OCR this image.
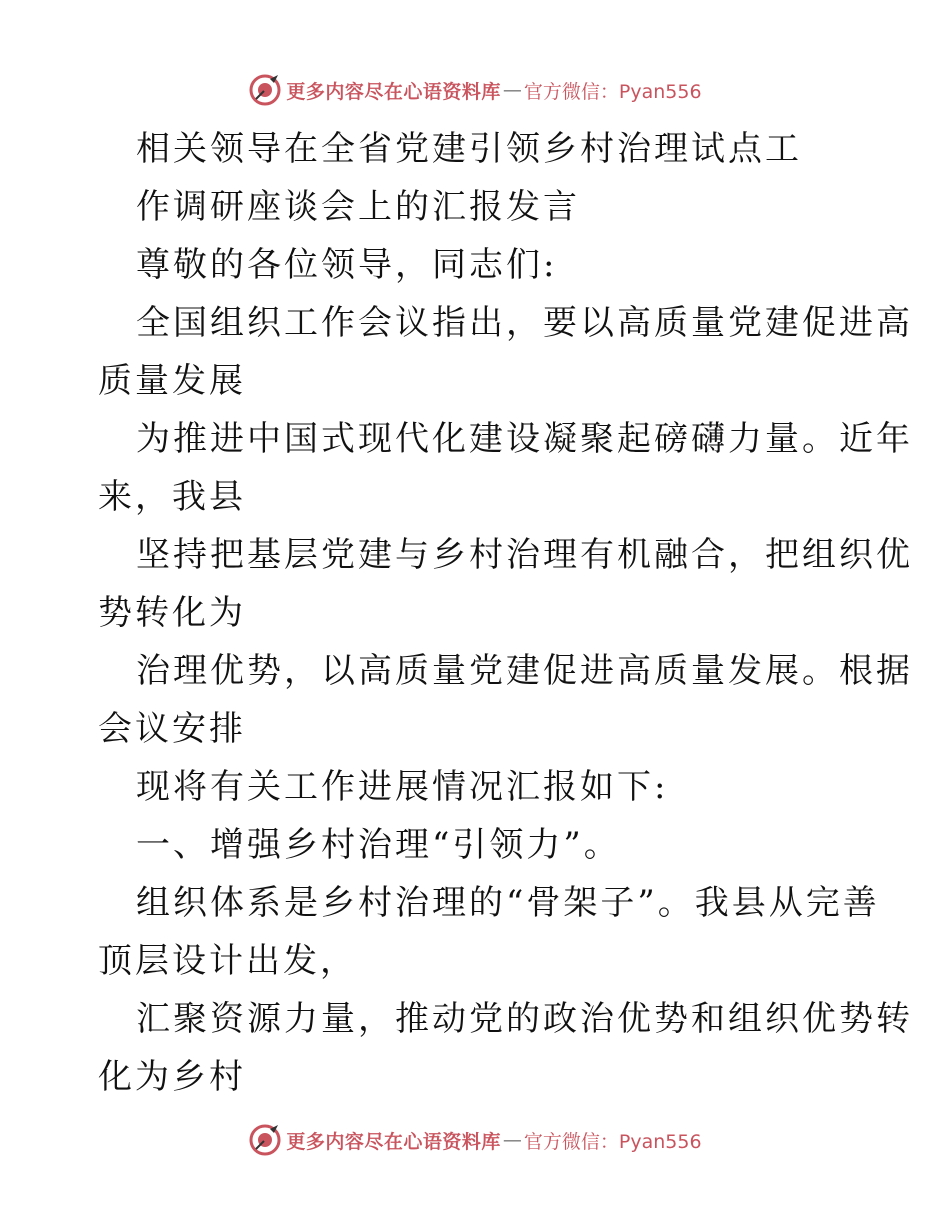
更多内容尽在心语资料库 — 官方微信：Pyan556

相关领导在全省党建引领乡村治理试点工

作调研座谈会上的汇报发言

尊敬的各位领导，同志们:

全国组织工作会议指出，要以高质量党建促进高

质量发展

为推进中国式现代化建设凝聚起磅礴力量。近年

来，我县

坚持把基层党建与乡村治理有机融合，把组织优

势转化为

治理优势，以高质量党建促进高质量发展。根据

会议安排

现将有关工作进展情况汇报如下:

一、增强乡村治理“引领力”。

组织体系是乡村治理的“骨架子”。我县从完善

顶层设计出发，

汇聚资源力量，推动党的政治优势和组织优势转

化为乡村

更多内容尽在心语资料库 — 官方微信：Pyan556
